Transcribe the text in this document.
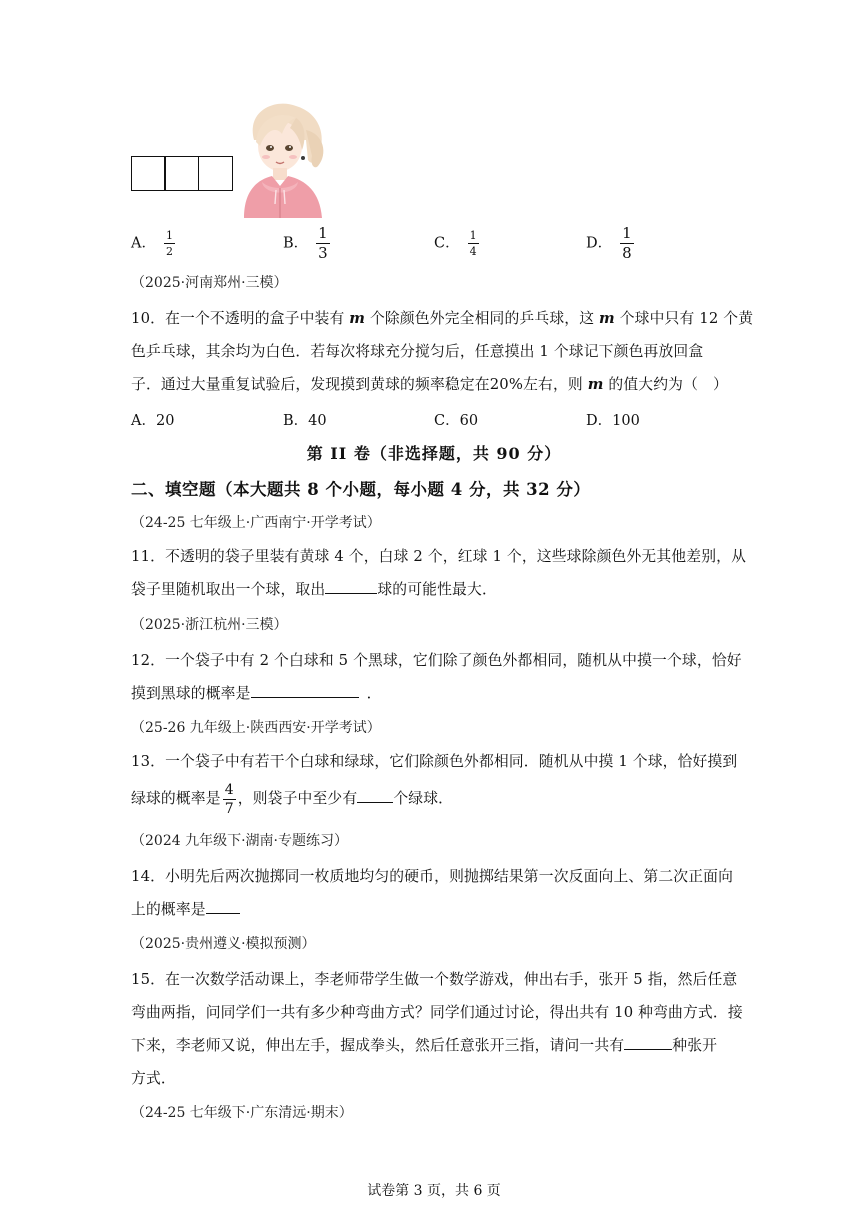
A． $\frac{1}{2}$	B． $\frac{1}{3}$	C． $\frac{1}{4}$	D． $\frac{1}{8}$
（2025·河南郑州·三模）

10．在一个不透明的盒子中装有 m 个除颜色外完全相同的乒乓球，这 m 个球中只有 12 个黄

色乒乓球，其余均为白色．若每次将球充分搅匀后，任意摸出 1 个球记下颜色再放回盒

子．通过大量重复试验后，发现摸到黄球的频率稳定在20%左右，则 m 的值大约为（　）

A．20	B．40	C．60	D．100
第 II 卷（非选择题，共 90 分）
二、填空题（本大题共 8 个小题，每小题 4 分，共 32 分）
（24-25 七年级上·广西南宁·开学考试）

11．不透明的袋子里装有黄球 4 个，白球 2 个，红球 1 个，这些球除颜色外无其他差别，从

袋子里随机取出一个球，取出	球的可能性最大．

（2025·浙江杭州·三模）

12．一个袋子中有 2 个白球和 5 个黑球，它们除了颜色外都相同，随机从中摸一个球，恰好

摸到黑球的概率是	．

（25-26 九年级上·陕西西安·开学考试）

13．一个袋子中有若干个白球和绿球，它们除颜色外都相同．随机从中摸 1 个球，恰好摸到

绿球的概率是 $\frac{4}{7}$ ，则袋子中至少有 个绿球．

（2024 九年级下·湖南·专题练习）

14．小明先后两次抛掷同一枚质地均匀的硬币，则抛掷结果第一次反面向上、第二次正面向

上的概率是

（2025·贵州遵义·模拟预测）

15．在一次数学活动课上，李老师带学生做一个数学游戏，伸出右手，张开 5 指，然后任意

弯曲两指，问同学们一共有多少种弯曲方式？同学们通过讨论，得出共有 10 种弯曲方式．接

下来，李老师又说，伸出左手，握成拳头，然后任意张开三指，请问一共有	种张开

方式．

（24-25 七年级下·广东清远·期末）
试卷第 3 页，共 6 页
